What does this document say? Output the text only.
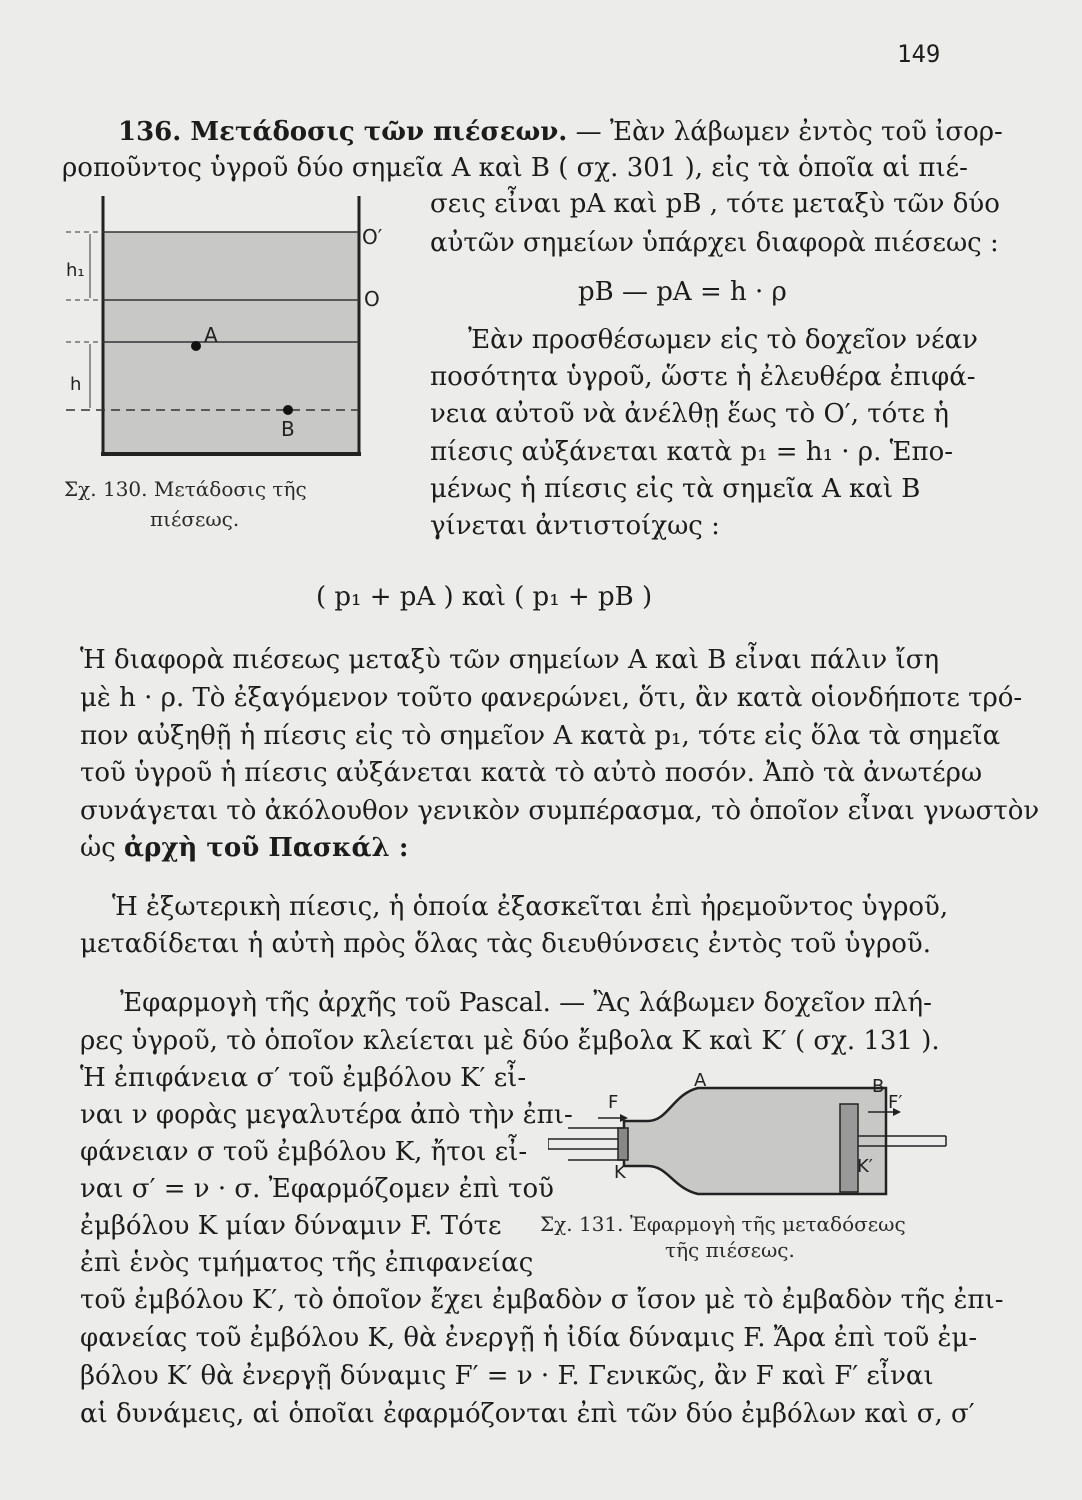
149
136. Μετάδοσις τῶν πιέσεων. — Ἐὰν λάβωμεν ἐντὸς τοῦ ἰσορ-
ροποῦντος ὑγροῦ δύο σημεῖα A καὶ B ( σχ. 301 ), εἰς τὰ ὁποῖα αἱ πιέ-
h₁
h
A
B
O′
O
Σχ. 130. Μετάδοσις τῆς
πιέσεως.
σεις εἶναι pA καὶ pB , τότε μεταξὺ τῶν δύο
αὐτῶν σημείων ὑπάρχει διαφορὰ πιέσεως :
pB — pA = h · ρ
Ἐὰν προσθέσωμεν εἰς τὸ δοχεῖον νέαν
ποσότητα ὑγροῦ, ὥστε ἡ ἐλευθέρα ἐπιφά-
νεια αὐτοῦ νὰ ἀνέλθῃ ἕως τὸ O′, τότε ἡ
πίεσις αὐξάνεται κατὰ p₁ = h₁ · ρ. Ἑπο-
μένως ἡ πίεσις εἰς τὰ σημεῖα A καὶ B
γίνεται ἀντιστοίχως :
( p₁ + pA ) καὶ ( p₁ + pB )
Ἡ διαφορὰ πιέσεως μεταξὺ τῶν σημείων A καὶ B εἶναι πάλιν ἴση
μὲ h · ρ. Τὸ ἐξαγόμενον τοῦτο φανερώνει, ὅτι, ἂν κατὰ οἱονδήποτε τρό-
πον αὐξηθῇ ἡ πίεσις εἰς τὸ σημεῖον A κατὰ p₁, τότε εἰς ὅλα τὰ σημεῖα
τοῦ ὑγροῦ ἡ πίεσις αὐξάνεται κατὰ τὸ αὐτὸ ποσόν. Ἀπὸ τὰ ἀνωτέρω
συνάγεται τὸ ἀκόλουθον γενικὸν συμπέρασμα, τὸ ὁποῖον εἶναι γνωστὸν
ὡς ἀρχὴ τοῦ Πασκάλ :
Ἡ ἐξωτερικὴ πίεσις, ἡ ὁποία ἐξασκεῖται ἐπὶ ἠρεμοῦντος ὑγροῦ,
μεταδίδεται ἡ αὐτὴ πρὸς ὅλας τὰς διευθύνσεις ἐντὸς τοῦ ὑγροῦ.
Ἐφαρμογὴ τῆς ἀρχῆς τοῦ Pascal. — Ἂς λάβωμεν δοχεῖον πλή-
ρες ὑγροῦ, τὸ ὁποῖον κλείεται μὲ δύο ἔμβολα K καὶ K′ ( σχ. 131 ).
Ἡ ἐπιφάνεια σ′ τοῦ ἐμβόλου K′ εἶ-
ναι ν φορὰς μεγαλυτέρα ἀπὸ τὴν ἐπι-
φάνειαν σ τοῦ ἐμβόλου K, ἤτοι εἶ-
ναι σ′ = ν · σ. Ἐφαρμόζομεν ἐπὶ τοῦ
ἐμβόλου K μίαν δύναμιν F. Τότε
ἐπὶ ἑνὸς τμήματος τῆς ἐπιφανείας
F	F′
A	B
K	K′
Σχ. 131. Ἐφαρμογὴ τῆς μεταδόσεως
τῆς πιέσεως.
τοῦ ἐμβόλου K′, τὸ ὁποῖον ἔχει ἐμβαδὸν σ ἴσον μὲ τὸ ἐμβαδὸν τῆς ἐπι-
φανείας τοῦ ἐμβόλου K, θὰ ἐνεργῇ ἡ ἰδία δύναμις F. Ἄρα ἐπὶ τοῦ ἐμ-
βόλου K′ θὰ ἐνεργῇ δύναμις F′ = ν · F. Γενικῶς, ἂν F καὶ F′ εἶναι
αἱ δυνάμεις, αἱ ὁποῖαι ἐφαρμόζονται ἐπὶ τῶν δύο ἐμβόλων καὶ σ, σ′
